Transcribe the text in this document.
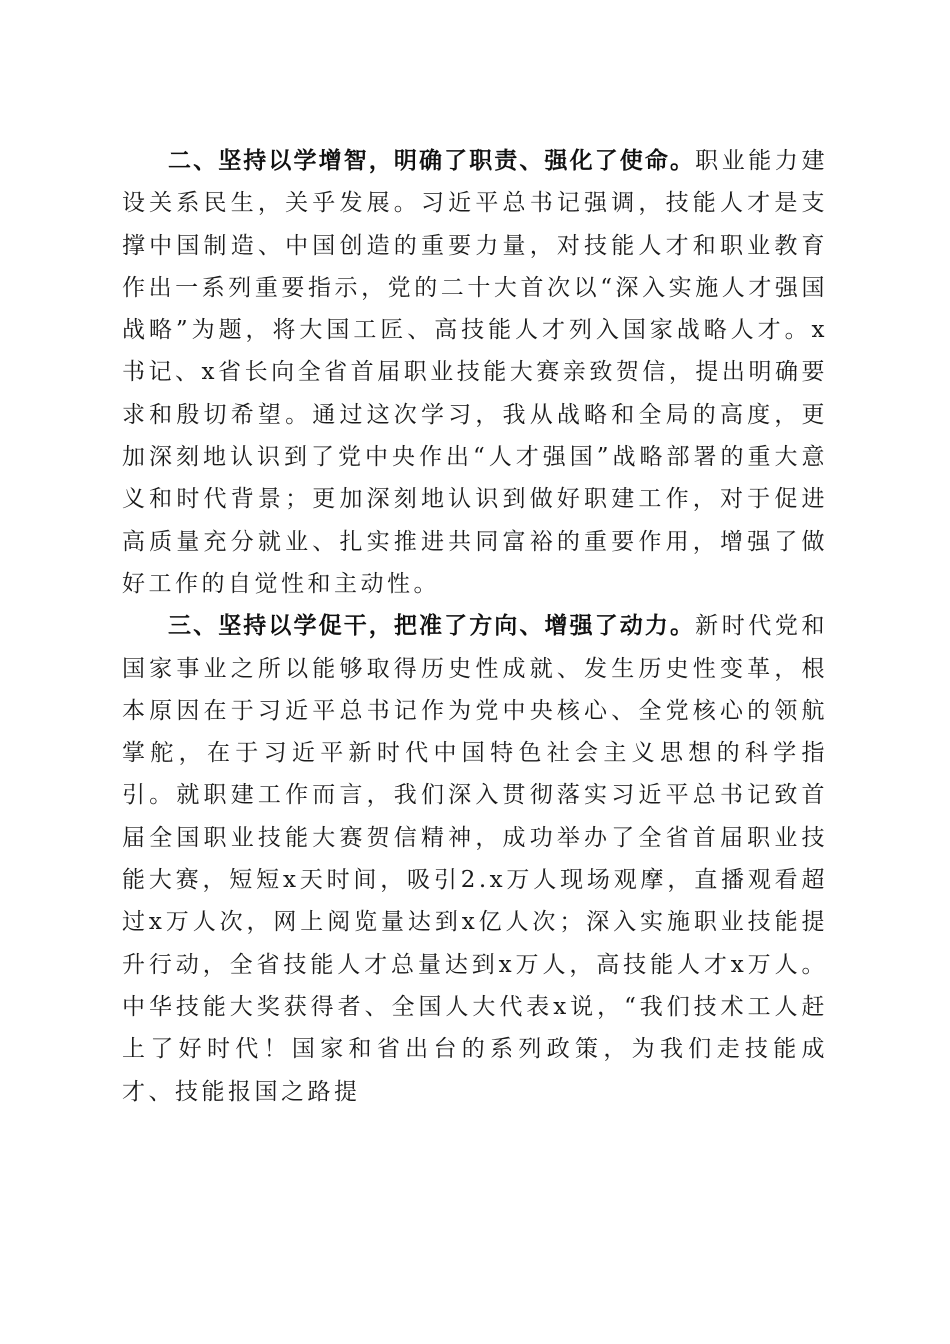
二、坚持以学增智，明确了职责、强化了使命。职业能力建设关系民生，关乎发展。习近平总书记强调，技能人才是支撑中国制造、中国创造的重要力量，对技能人才和职业教育作出一系列重要指示，党的二十大首次以“深入实施人才强国战略”为题，将大国工匠、高技能人才列入国家战略人才。x书记、x省长向全省首届职业技能大赛亲致贺信，提出明确要求和殷切希望。通过这次学习，我从战略和全局的高度，更加深刻地认识到了党中央作出“人才强国”战略部署的重大意义和时代背景；更加深刻地认识到做好职建工作，对于促进高质量充分就业、扎实推进共同富裕的重要作用，增强了做好工作的自觉性和主动性。

三、坚持以学促干，把准了方向、增强了动力。新时代党和国家事业之所以能够取得历史性成就、发生历史性变革，根本原因在于习近平总书记作为党中央核心、全党核心的领航掌舵，在于习近平新时代中国特色社会主义思想的科学指引。就职建工作而言，我们深入贯彻落实习近平总书记致首届全国职业技能大赛贺信精神，成功举办了全省首届职业技能大赛，短短x天时间，吸引2.x万人现场观摩，直播观看超过x万人次，网上阅览量达到x亿人次；深入实施职业技能提升行动，全省技能人才总量达到x万人，高技能人才x万人。中华技能大奖获得者、全国人大代表x说，“我们技术工人赶上了好时代！国家和省出台的系列政策，为我们走技能成才、技能报国之路提
